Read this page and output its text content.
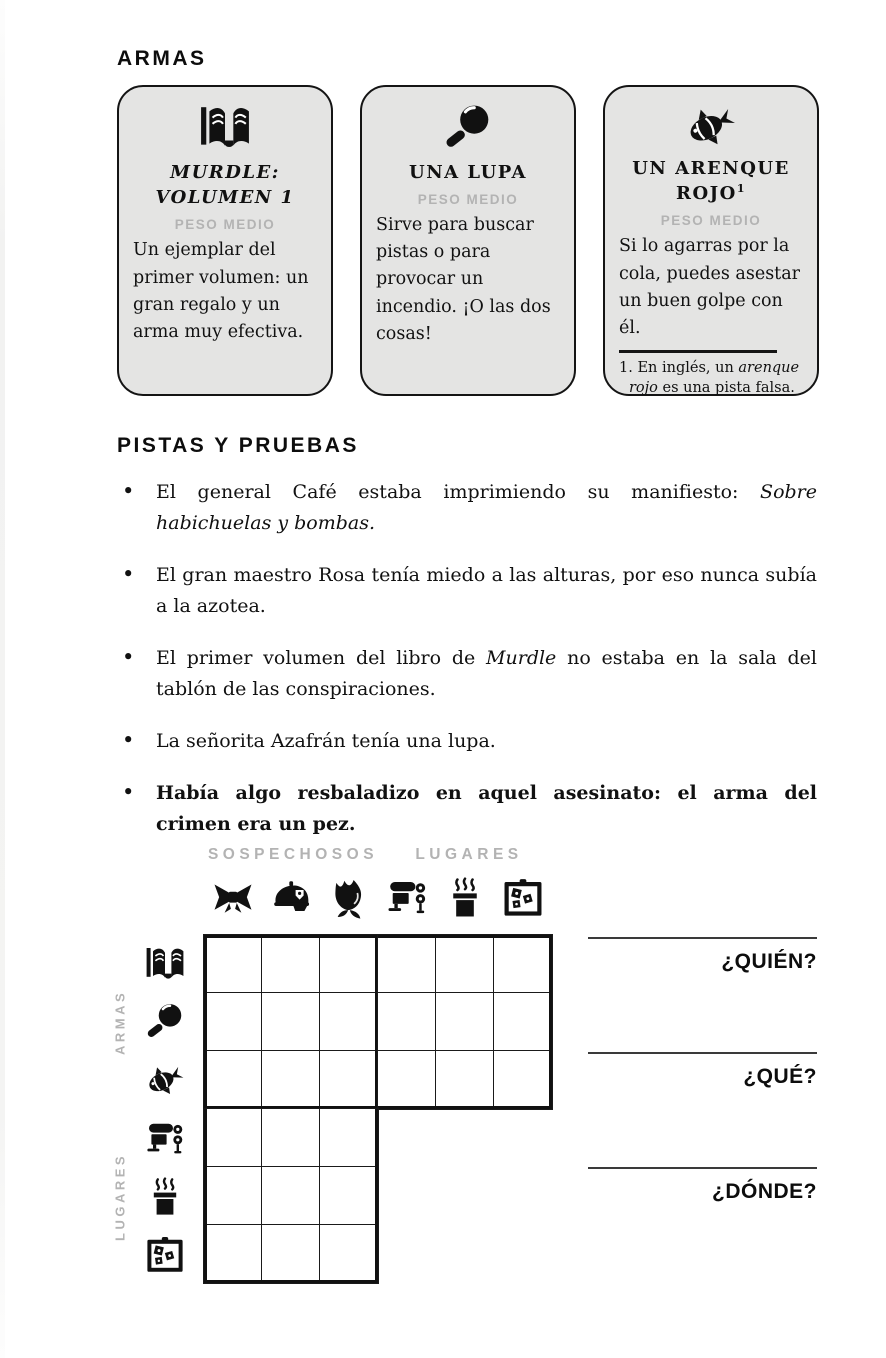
ARMAS
MURDLE: VOLUMEN 1
PESO MEDIO
Un ejemplar del primer volumen: un gran regalo y un arma muy efectiva.
UNA LUPA
PESO MEDIO
Sirve para buscar pistas o para provocar un incendio. ¡O las dos cosas!
UN ARENQUE ROJO$^1$
PESO MEDIO
Si lo agarras por la cola, puedes asestar un buen golpe con él.
1. En inglés, un arenque rojo es una pista falsa.
PISTAS Y PRUEBAS
• El general Café estaba imprimiendo su manifiesto: Sobre habichuelas y bombas.
• El gran maestro Rosa tenía miedo a las alturas, por eso nunca subía a la azotea.
• El primer volumen del libro de Murdle no estaba en la sala del tablón de las conspiraciones.
• La señorita Azafrán tenía una lupa.
• Había algo resbaladizo en aquel asesinato: el arma del crimen era un pez.
SOSPECHOSOS	LUGARES
ARMAS
LUGARES
¿QUIÉN?
¿QUÉ?
¿DÓNDE?
